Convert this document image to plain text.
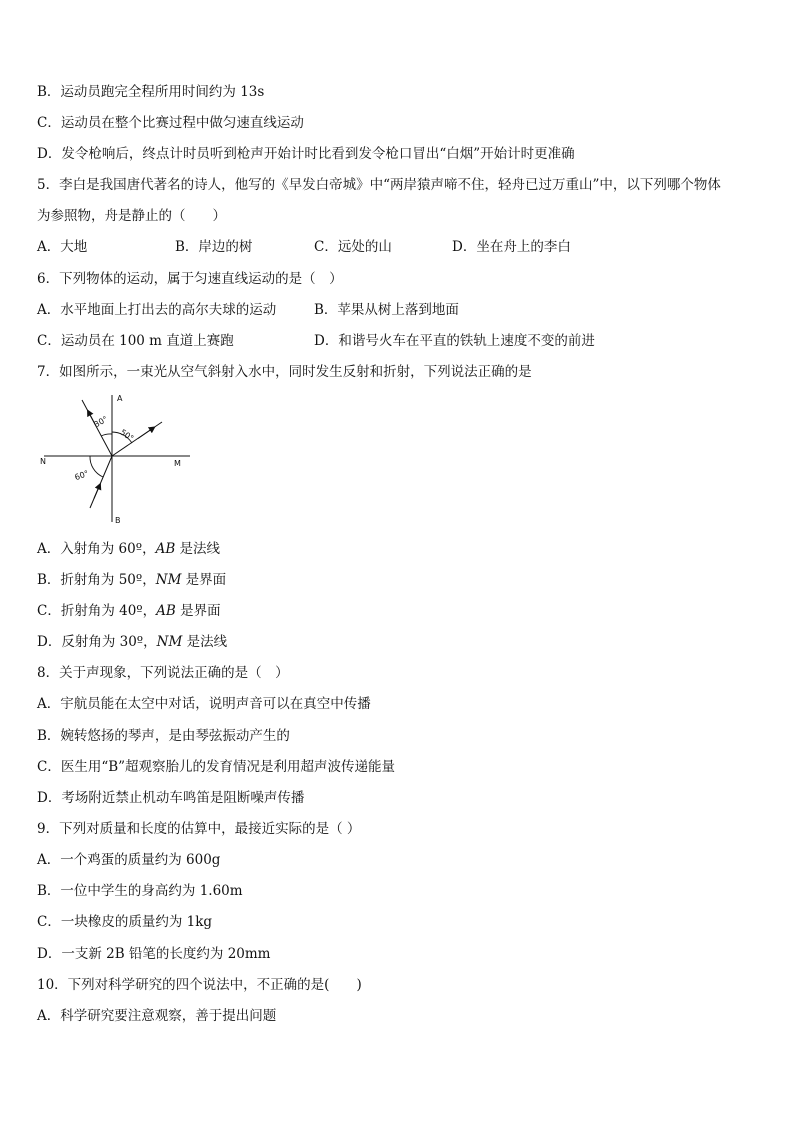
B．运动员跑完全程所用时间约为 13s
C．运动员在整个比赛过程中做匀速直线运动
D．发令枪响后，终点计时员听到枪声开始计时比看到发令枪口冒出“白烟”开始计时更准确
5．李白是我国唐代著名的诗人，他写的《早发白帝城》中“两岸猿声啼不住，轻舟已过万重山”中，以下列哪个物体
为参照物，舟是静止的（　　）
A．大地	B．岸边的树	C．远处的山	D．坐在舟上的李白
6．下列物体的运动，属于匀速直线运动的是（　）
A．水平地面上打出去的高尔夫球的运动	B．苹果从树上落到地面
C．运动员在 100 m 直道上赛跑	D．和谐号火车在平直的铁轨上速度不变的前进
7．如图所示，一束光从空气斜射入水中，同时发生反射和折射，下列说法正确的是
A
B
N	M
30°
50°
60°
A．入射角为 60º，AB 是法线
B．折射角为 50º，NM 是界面
C．折射角为 40º，AB 是界面
D．反射角为 30º，NM 是法线
8．关于声现象，下列说法正确的是（　）
A．宇航员能在太空中对话，说明声音可以在真空中传播
B．婉转悠扬的琴声，是由琴弦振动产生的
C．医生用“B”超观察胎儿的发育情况是利用超声波传递能量
D．考场附近禁止机动车鸣笛是阻断噪声传播
9．下列对质量和长度的估算中，最接近实际的是（ ）
A．一个鸡蛋的质量约为 600g
B．一位中学生的身高约为 1.60m
C．一块橡皮的质量约为 1kg
D．一支新 2B 铅笔的长度约为 20mm
10．下列对科学研究的四个说法中，不正确的是(　　)
A．科学研究要注意观察，善于提出问题
